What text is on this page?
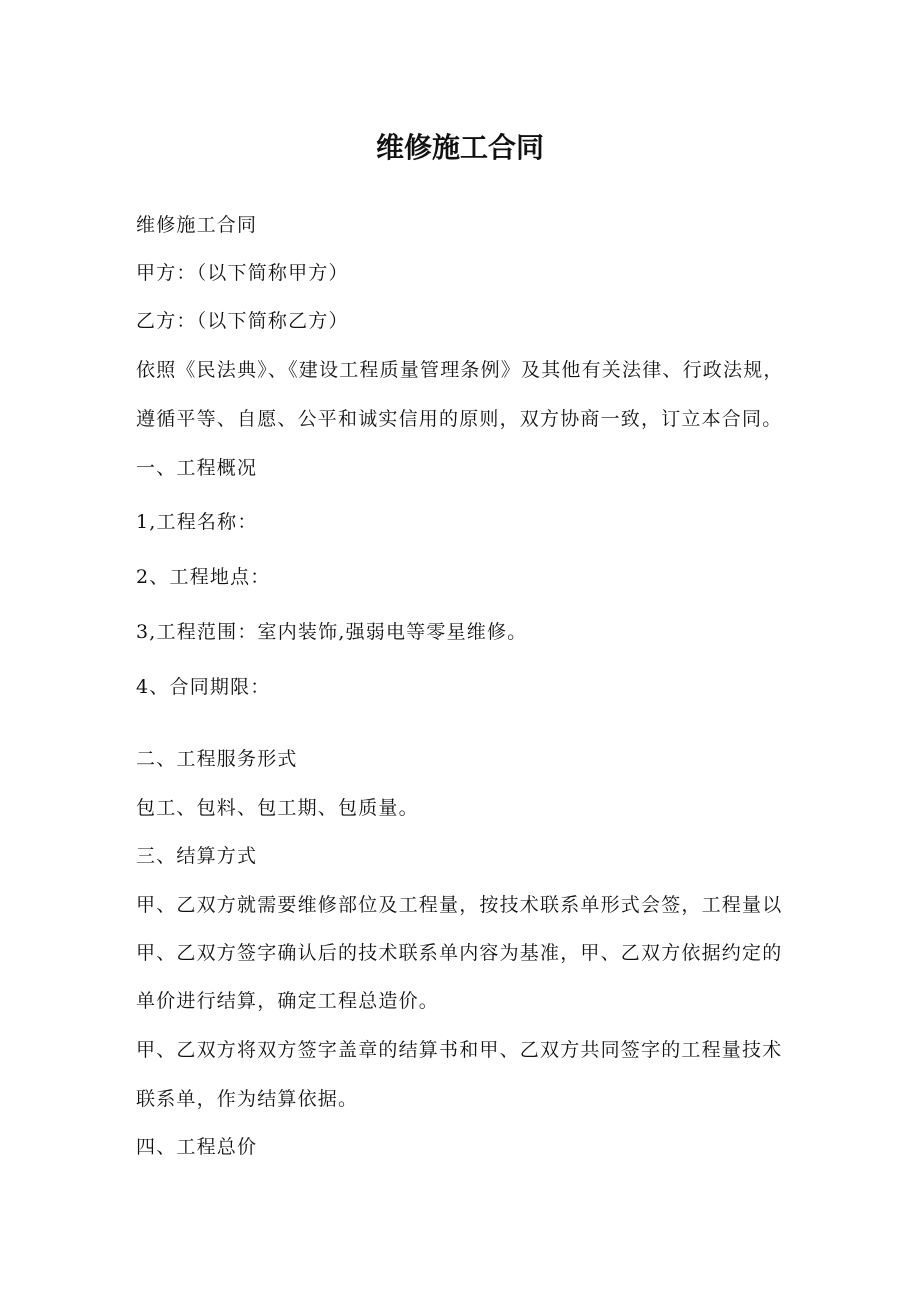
维修施工合同
维修施工合同
甲方：（以下简称甲方）
乙方：（以下简称乙方）
依照《民法典》、《建设工程质量管理条例》及其他有关法律、行政法规，
遵循平等、自愿、公平和诚实信用的原则，双方协商一致，订立本合同。
一、工程概况
1,工程名称：
2、工程地点：
3,工程范围：室内装饰,强弱电等零星维修。
4、合同期限：
二、工程服务形式
包工、包料、包工期、包质量。
三、结算方式
甲、乙双方就需要维修部位及工程量，按技术联系单形式会签，工程量以
甲、乙双方签字确认后的技术联系单内容为基准，甲、乙双方依据约定的
单价进行结算，确定工程总造价。
甲、乙双方将双方签字盖章的结算书和甲、乙双方共同签字的工程量技术
联系单，作为结算依据。
四、工程总价
